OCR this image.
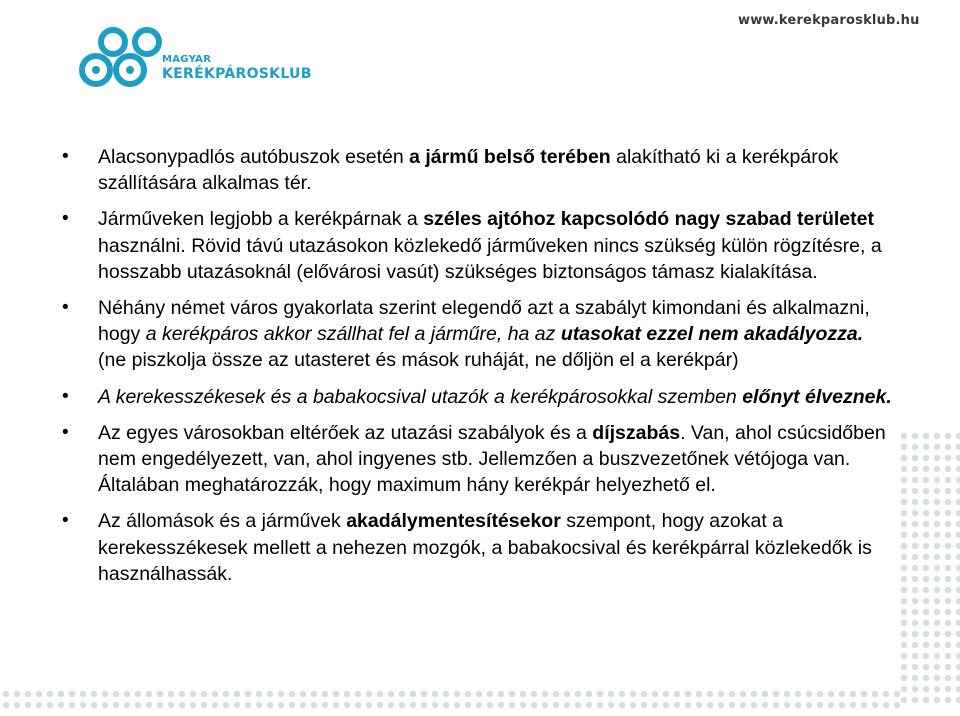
MAGYAR
KERÉKPÁROSKLUB
www.kerekparosklub.hu
• Alacsonypadlós autóbuszok esetén a jármű belső terében alakítható ki a kerékpárok szállítására alkalmas tér.
• Járműveken legjobb a kerékpárnak a széles ajtóhoz kapcsolódó nagy szabad területet használni. Rövid távú utazásokon közlekedő járműveken nincs szükség külön rögzítésre, a hosszabb utazásoknál (elővárosi vasút) szükséges biztonságos támasz kialakítása.
• Néhány német város gyakorlata szerint elegendő azt a szabályt kimondani és alkalmazni, hogy a kerékpáros akkor szállhat fel a járműre, ha az utasokat ezzel nem akadályozza. (ne piszkolja össze az utasteret és mások ruháját, ne dőljön el a kerékpár)
• A kerekesszékesek és a babakocsival utazók a kerékpárosokkal szemben előnyt élveznek.
• Az egyes városokban eltérőek az utazási szabályok és a díjszabás. Van, ahol csúcsidőben nem engedélyezett, van, ahol ingyenes stb. Jellemzően a buszvezetőnek vétójoga van. Általában meghatározzák, hogy maximum hány kerékpár helyezhető el.
• Az állomások és a járművek akadálymentesítésekor szempont, hogy azokat a kerekesszékesek mellett a nehezen mozgók, a babakocsival és kerékpárral közlekedők is használhassák.
